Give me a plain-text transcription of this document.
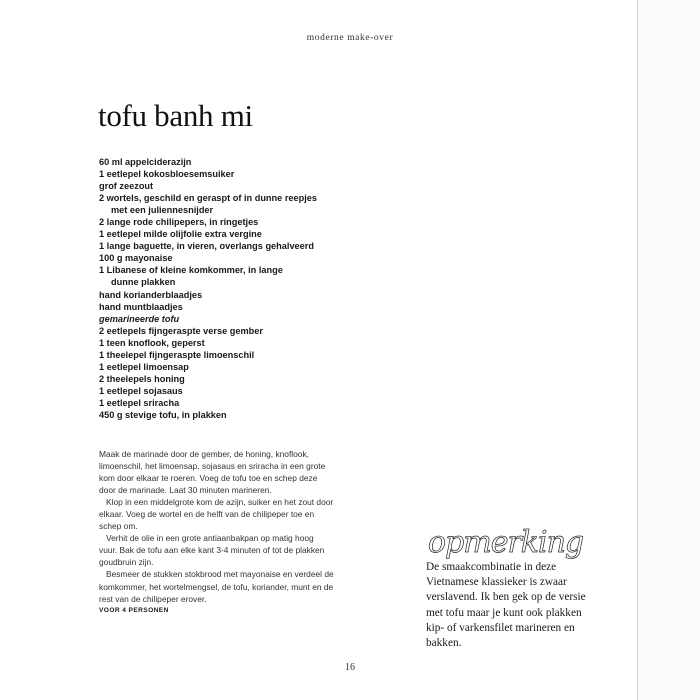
moderne make-over
tofu banh mi
60 ml appelciderazijn
1 eetlepel kokosbloesemsuiker
grof zeezout
2 wortels, geschild en geraspt of in dunne reepjes
met een juliennesnijder
2 lange rode chilipepers, in ringetjes
1 eetlepel milde olijfolie extra vergine
1 lange baguette, in vieren, overlangs gehalveerd
100 g mayonaise
1 Libanese of kleine komkommer, in lange
dunne plakken
hand korianderblaadjes
hand muntblaadjes
gemarineerde tofu
2 eetlepels fijngeraspte verse gember
1 teen knoflook, geperst
1 theelepel fijngeraspte limoenschil
1 eetlepel limoensap
2 theelepels honing
1 eetlepel sojasaus
1 eetlepel sriracha
450 g stevige tofu, in plakken

Maak de marinade door de gember, de honing, knoflook, limoenschil, het limoensap, sojasaus en sriracha in een grote kom door elkaar te roeren. Voeg de tofu toe en schep deze door de marinade. Laat 30 minuten marineren.

Klop in een middelgrote kom de azijn, suiker en het zout door elkaar. Voeg de wortel en de helft van de chilipeper toe en schep om.

Verhit de olie in een grote antiaanbakpan op matig hoog vuur. Bak de tofu aan elke kant 3-4 minuten of tot de plakken goudbruin zijn.

Besmeer de stukken stokbrood met mayonaise en verdeel de komkommer, het wortelmengsel, de tofu, koriander, munt en de rest van de chilipeper erover.

VOOR 4 PERSONEN
opmerking

De smaakcombinatie in deze Vietnamese klassieker is zwaar verslavend. Ik ben gek op de versie met tofu maar je kunt ook plakken kip- of varkensfilet marineren en bakken.

16
